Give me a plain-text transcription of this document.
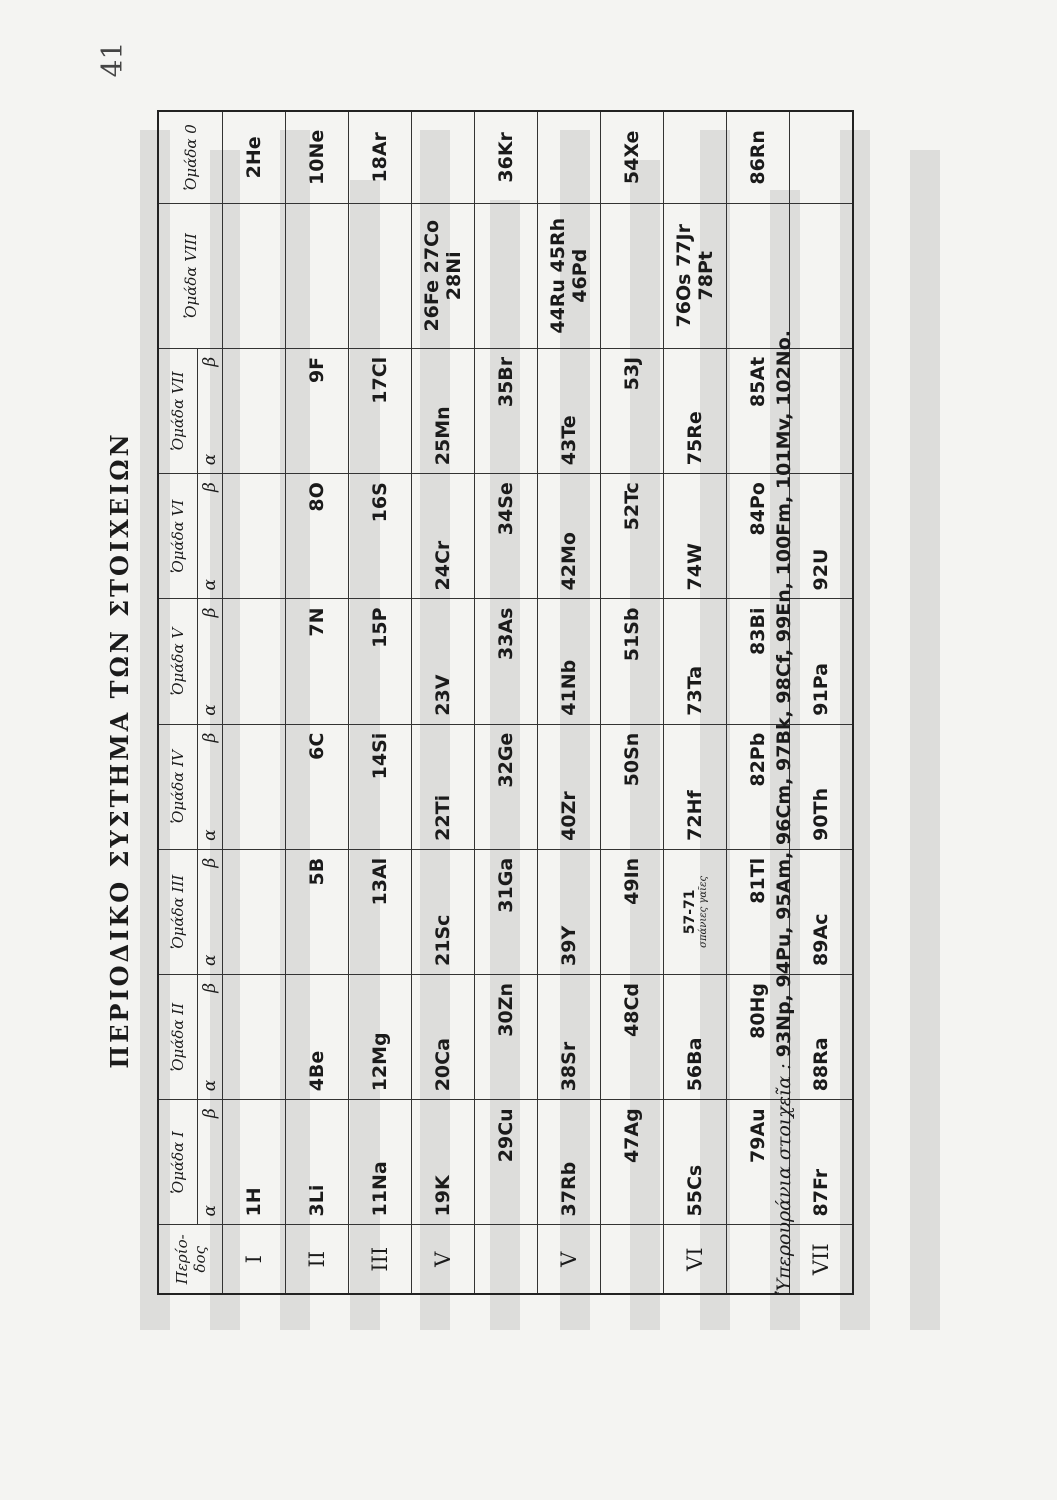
41
ΠΕΡΙΟΔΙΚΟ ΣΥΣΤΗΜΑ ΤΩΝ ΣΤΟΙΧΕΙΩΝ
Περίο-δος	Ὁμάδα I	Ὁμάδα II	Ὁμάδα III	Ὁμάδα IV	Ὁμάδα V	Ὁμάδα VI	Ὁμάδα VII	Ὁμάδα VIII	Ὁμάδα 0

	α
β	α
β	α
β	α
β	α
β	α
β	α
β		

I	1H								2He

II	3Li	4Be	5B	6C	7N	8O	9F		10Ne

III	11Na	12Mg	13Al	14Si	15P	16S	17Cl		18Ar

V	19K	20Ca	21Sc	22Ti	23V	24Cr	25Mn	26Fe 27Co 28Ni	

	29Cu	30Zn	31Ga	32Ge	33As	34Se	35Br		36Kr

V	37Rb	38Sr	39Y	40Zr	41Nb	42Mo	43Te	44Ru 45Rh 46Pd	

	47Ag	48Cd	49In	50Sn	51Sb	52Tc	53J		54Xe

VI	55Cs	56Ba	57-71 σπάνιες γαῖες	72Hf	73Ta	74W	75Re	76Os 77Jr 78Pt	

	79Au	80Hg	81Tl	82Pb	83Bi	84Po	85At		86Rn

VII	87Fr	88Ra	89Ac	90Th	91Pa	92U			

Ὑπερουράνια στοιχεῖα : 93Np, 94Pu, 95Am, 96Cm, 97Bk, 98Cf, 99En, 100Fm, 101Mv, 102No.
